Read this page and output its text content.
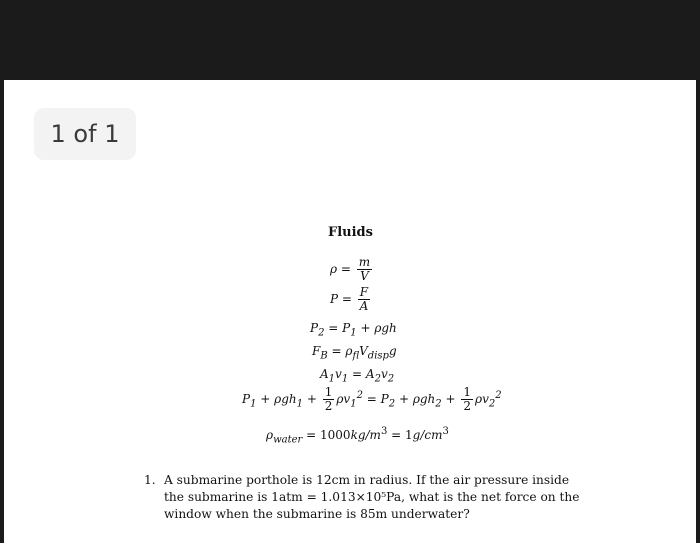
1 of 1
Fluids
$\rho = \frac{m}{V}$
$P = \frac{F}{A}$
$P_2 = P_1 + \rho gh$
$F_B = \rho_{fl}V_{disp}g$
$A_1v_1 = A_2v_2$
$P_1 + \rho gh_1 + \frac{1}{2} \rho v_1^2 = P_2 + \rho gh_2 + \frac{1}{2} \rho v_2^2$
$\rho_{water} = 1000kg/m^3 = 1g/cm^3$
1. A submarine porthole is 12cm in radius. If the air pressure inside the submarine is 1atm = 1.013×10⁵Pa, what is the net force on the window when the submarine is 85m underwater?
